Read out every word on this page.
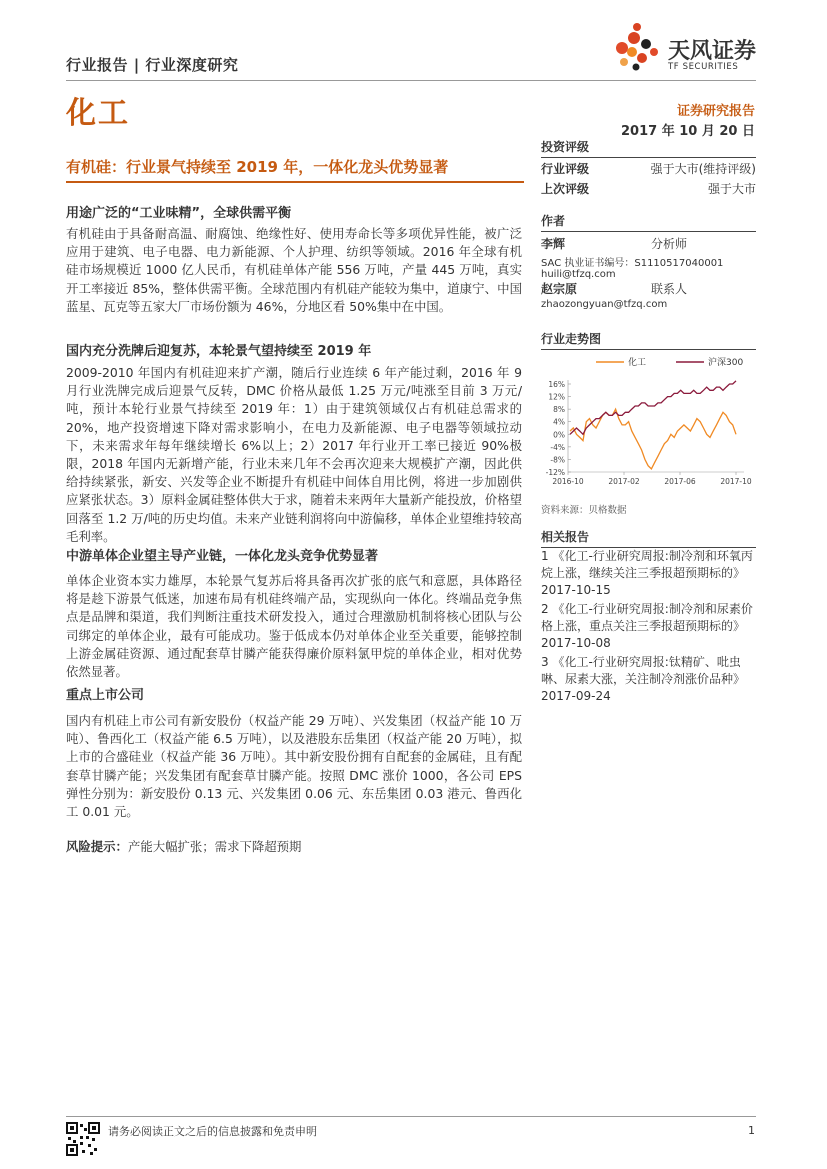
行业报告 | 行业深度研究
天风证券
TF SECURITIES
化工	证券研究报告
2017 年 10 月 20 日
有机硅：行业景气持续至 2019 年，一体化龙头优势显著
用途广泛的“工业味精”，全球供需平衡
有机硅由于具备耐高温、耐腐蚀、绝缘性好、使用寿命长等多项优异性能，被广泛应用于建筑、电子电器、电力新能源、个人护理、纺织等领域。2016 年全球有机硅市场规模近 1000 亿人民币，有机硅单体产能 556 万吨，产量 445 万吨，真实开工率接近 85%，整体供需平衡。全球范围内有机硅产能较为集中，道康宁、中国蓝星、瓦克等五家大厂市场份额为 46%，分地区看 50%集中在中国。
国内充分洗牌后迎复苏，本轮景气望持续至 2019 年
2009-2010 年国内有机硅迎来扩产潮，随后行业连续 6 年产能过剩，2016 年 9 月行业洗牌完成后迎景气反转，DMC 价格从最低 1.25 万元/吨涨至目前 3 万元/吨，预计本轮行业景气持续至 2019 年：1）由于建筑领域仅占有机硅总需求的 20%，地产投资增速下降对需求影响小，在电力及新能源、电子电器等领域拉动下，未来需求年每年继续增长 6%以上；2）2017 年行业开工率已接近 90%极限，2018 年国内无新增产能，行业未来几年不会再次迎来大规模扩产潮，因此供给持续紧张，新安、兴发等企业不断提升有机硅中间体自用比例，将进一步加剧供应紧张状态。3）原料金属硅整体供大于求，随着未来两年大量新产能投放，价格望回落至 1.2 万/吨的历史均值。未来产业链利润将向中游偏移，单体企业望维持较高毛利率。
中游单体企业望主导产业链，一体化龙头竞争优势显著
单体企业资本实力雄厚，本轮景气复苏后将具备再次扩张的底气和意愿，具体路径将是趁下游景气低迷，加速布局有机硅终端产品，实现纵向一体化。终端品竞争焦点是品牌和渠道，我们判断注重技术研发投入，通过合理激励机制将核心团队与公司绑定的单体企业，最有可能成功。鉴于低成本仍对单体企业至关重要，能够控制上游金属硅资源、通过配套草甘膦产能获得廉价原料氯甲烷的单体企业，相对优势依然显著。
重点上市公司
国内有机硅上市公司有新安股份（权益产能 29 万吨）、兴发集团（权益产能 10 万吨）、鲁西化工（权益产能 6.5 万吨），以及港股东岳集团（权益产能 20 万吨），拟上市的合盛硅业（权益产能 36 万吨）。其中新安股份拥有自配套的金属硅，且有配套草甘膦产能；兴发集团有配套草甘膦产能。按照 DMC 涨价 1000，各公司 EPS 弹性分别为：新安股份 0.13 元、兴发集团 0.06 元、东岳集团 0.03 港元、鲁西化工 0.01 元。
风险提示：产能大幅扩张；需求下降超预期
投资评级
行业评级	强于大市(维持评级)
上次评级	强于大市
作者
李辉	分析师
SAC 执业证书编号：S1110517040001
huili@tfzq.com
赵宗原	联系人
zhaozongyuan@tfzq.com
行业走势图
化工	沪深300
16%
12%
8%
4%
0%
-4%
-8%
-12%
2016-10	2017-02	2017-06	2017-10
资料来源：贝格数据
相关报告
1 《化工-行业研究周报:制冷剂和环氧丙烷上涨，继续关注三季报超预期标的》 2017-10-15
2 《化工-行业研究周报:制冷剂和尿素价格上涨，重点关注三季报超预期标的》 2017-10-08
3 《化工-行业研究周报:钛精矿、吡虫啉、尿素大涨，关注制冷剂涨价品种》
2017-09-24
请务必阅读正文之后的信息披露和免责申明	1
